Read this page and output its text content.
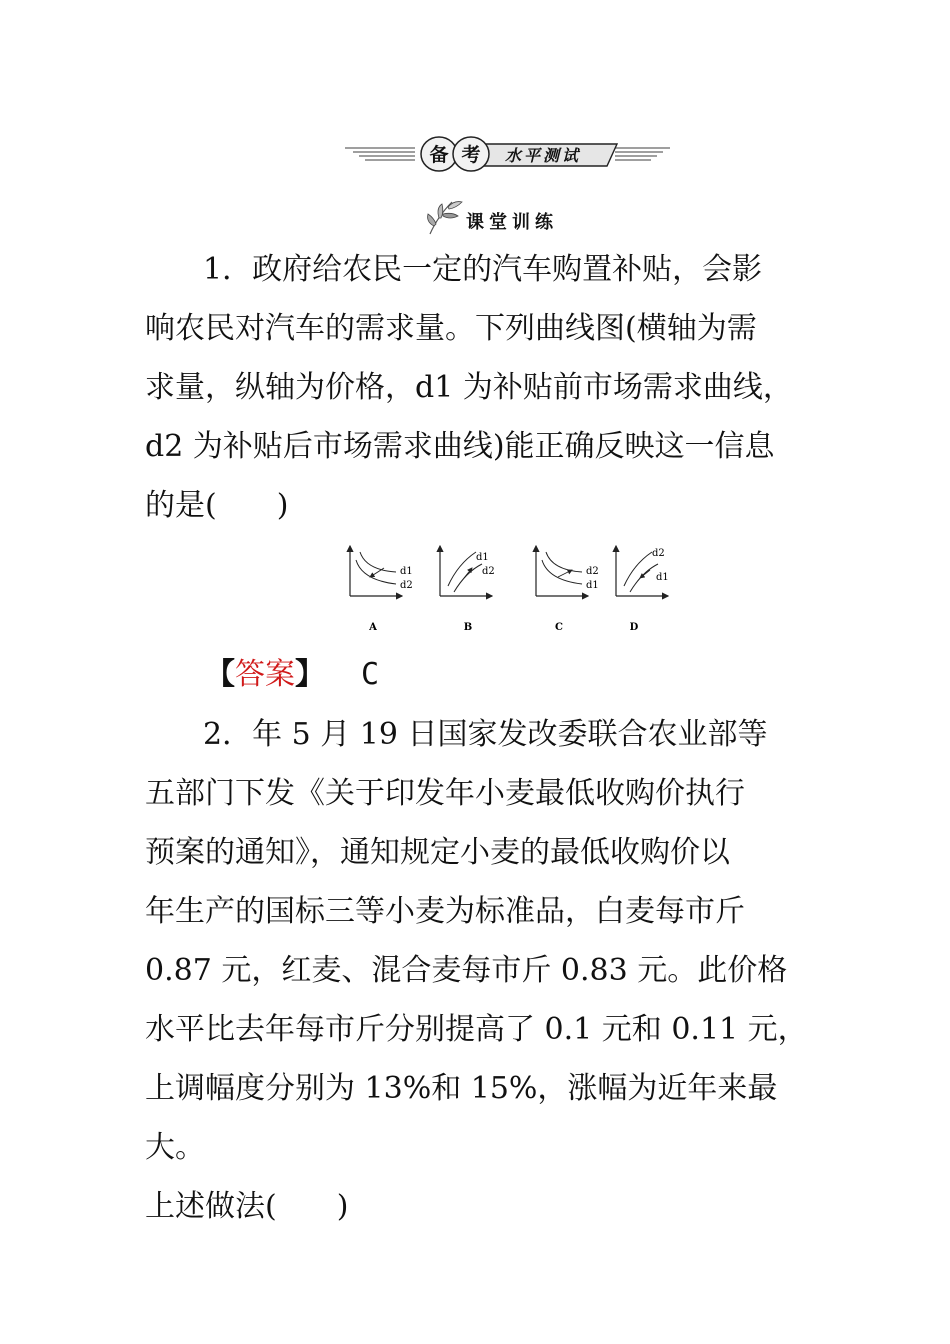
备 考 水平测试
课堂训练
1．政府给农民一定的汽车购置补贴，会影
响农民对汽车的需求量。下列曲线图(横轴为需
求量，纵轴为价格，d1 为补贴前市场需求曲线，
d2 为补贴后市场需求曲线)能正确反映这一信息
的是(　　)
d1
d2
A
d1
d2
B
d2
d1
C
d2
d1
D
【答案】 C
2．年 5 月 19 日国家发改委联合农业部等
五部门下发《关于印发年小麦最低收购价执行
预案的通知》，通知规定小麦的最低收购价以
年生产的国标三等小麦为标准品，白麦每市斤
0.87 元，红麦、混合麦每市斤 0.83 元。此价格
水平比去年每市斤分别提高了 0.1 元和 0.11 元，
上调幅度分别为 13%和 15%，涨幅为近年来最大。
上述做法(　　)
